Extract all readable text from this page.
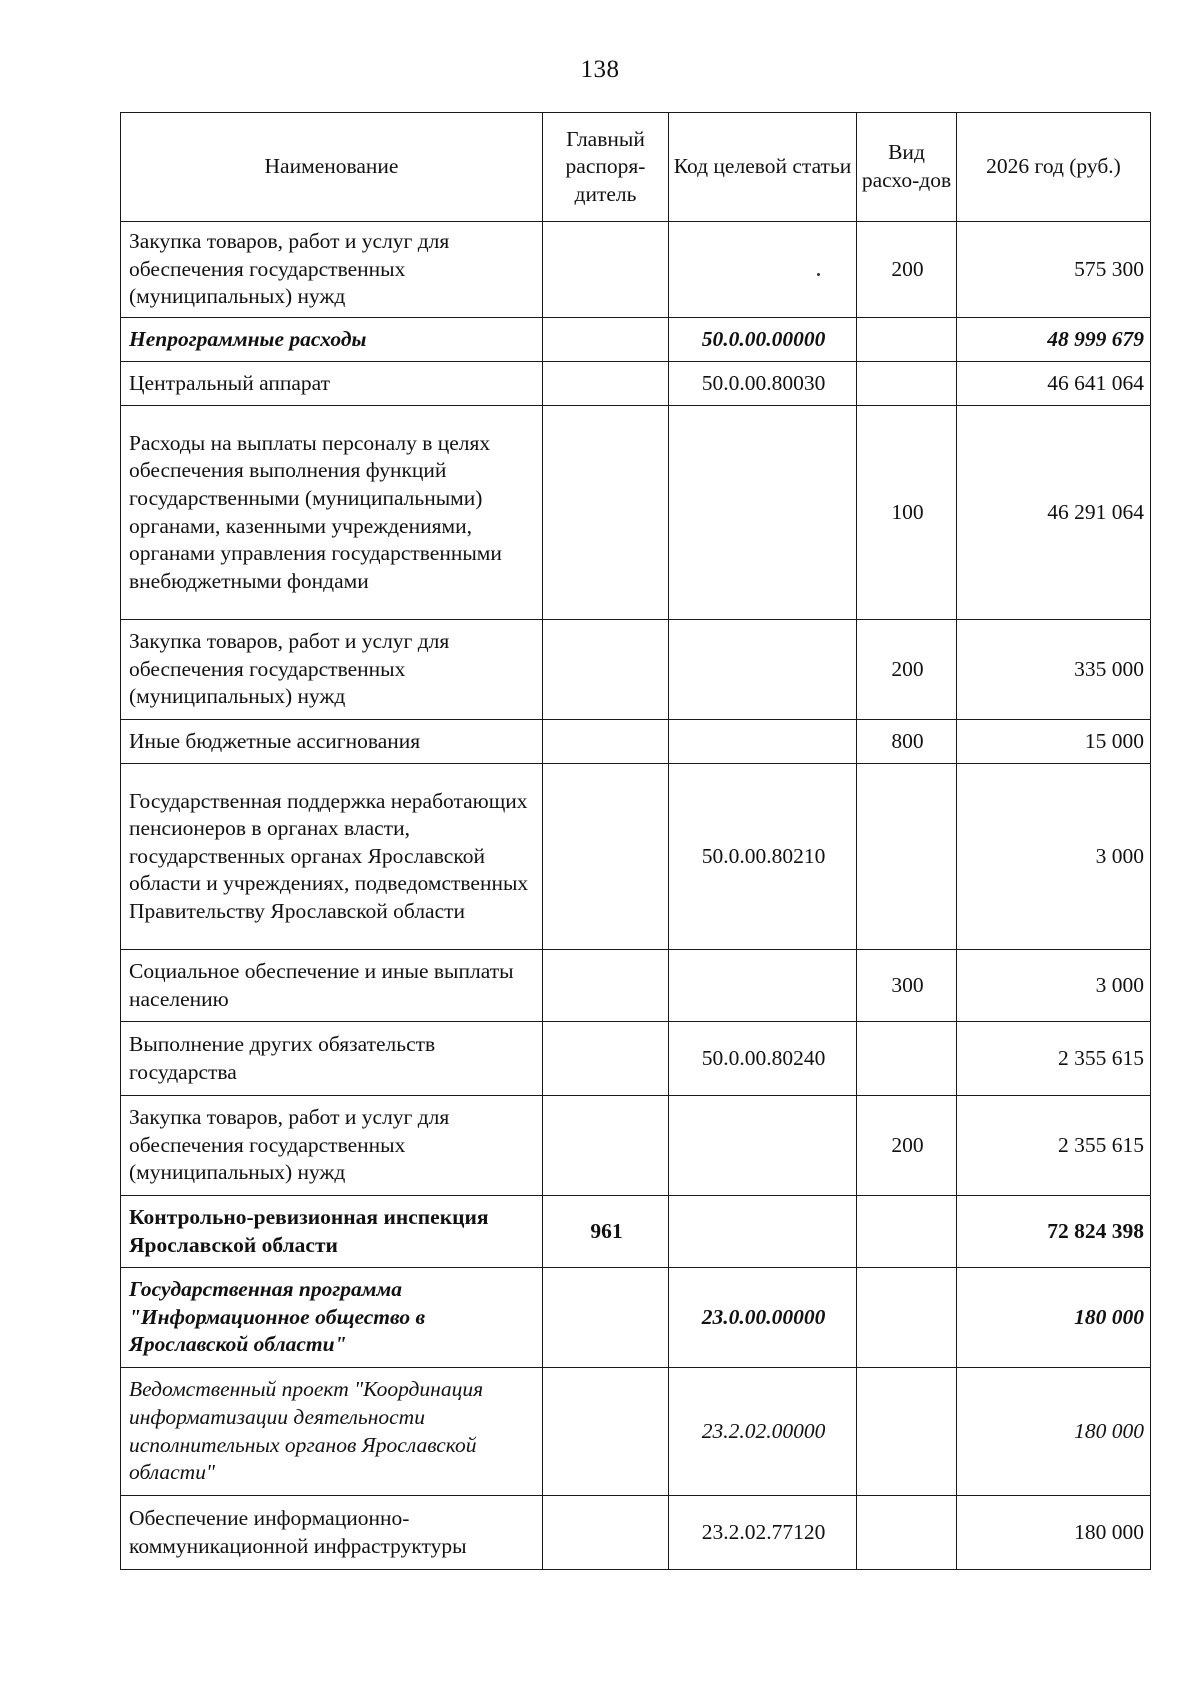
138
Наименование	Главный распоря-дитель	Код целевой статьи	Вид расхо-дов	2026 год (руб.)
Закупка товаров, работ и услуг для обеспечения государственных (муниципальных) нужд			200	575 300
Непрограммные расходы		50.0.00.00000		48 999 679
Центральный аппарат		50.0.00.80030		46 641 064
Расходы на выплаты персоналу в целях обеспечения выполнения функций государственными (муниципальными) органами, казенными учреждениями, органами управления государственными внебюджетными фондами			100	46 291 064
Закупка товаров, работ и услуг для обеспечения государственных (муниципальных) нужд			200	335 000
Иные бюджетные ассигнования			800	15 000
Государственная поддержка неработающих пенсионеров в органах власти, государственных органах Ярославской области и учреждениях, подведомственных Правительству Ярославской области		50.0.00.80210		3 000
Социальное обеспечение и иные выплаты населению			300	3 000
Выполнение других обязательств государства		50.0.00.80240		2 355 615
Закупка товаров, работ и услуг для обеспечения государственных (муниципальных) нужд			200	2 355 615
Контрольно-ревизионная инспекция Ярославской области	961			72 824 398
Государственная программа "Информационное общество в Ярославской области"		23.0.00.00000		180 000
Ведомственный проект "Координация информатизации деятельности исполнительных органов Ярославской области"		23.2.02.00000		180 000
Обеспечение информационно-коммуникационной инфраструктуры		23.2.02.77120		180 000
